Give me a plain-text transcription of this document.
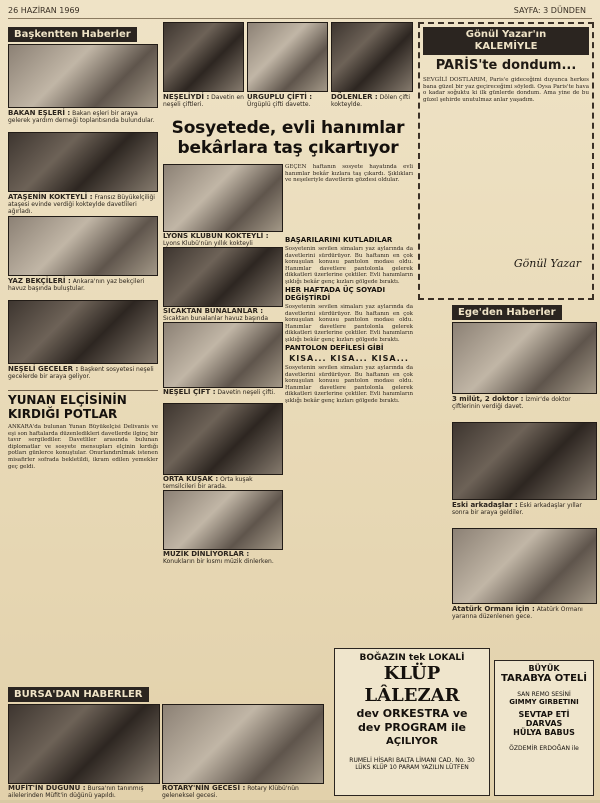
26 HAZİRAN 1969	SAYFA: 3 DÜNDEN
Başkentten Haberler
BAKAN EŞLERİ : Bakan eşleri bir araya gelerek yardım derneği toplantısında bulundular.
ATAŞENİN KOKTEYLİ : Fransız Büyükelçiliği ataşesi evinde verdiği kokteylde davetlileri ağırladı.
YAZ BEKÇİLERİ : Ankara'nın yaz bekçileri havuz başında buluştular.
NEŞELİ GECELER : Başkent sosyetesi neşeli gecelerde bir araya geliyor.
YUNAN ELÇİSİNİN KIRDIĞI POTLAR
ANKARA'da bulunan Yunan Büyükelçisi Delivanis ve eşi son haftalarda düzenledikleri davetlerde ilginç bir tavır sergilediler. Davetliler arasında bulunan diplomatlar ve sosyete mensupları elçinin kırdığı potları günlerce konuştular. Onurlandırılmak istenen misafirler sofrada bekletildi, ikram edilen yemekler geç geldi.
NEŞELİYDİ : Davetin en neşeli çiftleri.
URGUPLU ÇİFTİ : Ürgüplü çifti davette.
DÖLENLER : Dölen çifti kokteylde.
Sosyetede, evli hanımlar bekârlara taş çıkartıyor
LYONS KLUBÜN KOKTEYLİ : Lyons Klubü'nün yıllık kokteyli
SICAKTAN BUNALANLAR : Sıcaktan bunalanlar havuz başında
NEŞELİ ÇİFT : Davetin neşeli çifti.
ORTA KUŞAK : Orta kuşak temsilcileri bir arada.
MÜZİK DİNLİYORLAR : Konukların bir kısmı müzik dinlerken.
GEÇEN haftanın sosyete hayatında evli hanımlar bekâr kızlara taş çıkardı. Şıklıkları ve neşeleriyle davetlerin gözdesi oldular.
BAŞARILARINI KUTLADILAR
Sosyetenin sevilen simaları yaz aylarında da davetlerini sürdürüyor. Bu haftanın en çok konuşulan konusu pantolon modası oldu. Hanımlar davetlere pantolonla gelerek dikkatleri üzerlerine çektiler. Evli hanımların şıklığı bekâr genç kızları gölgede bıraktı.
HER HAFTADA ÜÇ SOYADI DEĞİŞTİRDİ
Sosyetenin sevilen simaları yaz aylarında da davetlerini sürdürüyor. Bu haftanın en çok konuşulan konusu pantolon modası oldu. Hanımlar davetlere pantolonla gelerek dikkatleri üzerlerine çektiler. Evli hanımların şıklığı bekâr genç kızları gölgede bıraktı.
PANTOLON DEFİLESİ GİBİ
KISA... KISA... KISA...
Sosyetenin sevilen simaları yaz aylarında da davetlerini sürdürüyor. Bu haftanın en çok konuşulan konusu pantolon modası oldu. Hanımlar davetlere pantolonla gelerek dikkatleri üzerlerine çektiler. Evli hanımların şıklığı bekâr genç kızları gölgede bıraktı.
Gönül Yazar'ın
KALEMİYLE
PARİS'te dondum...
SEVGİLİ DOSTLARIM, Paris'e gideceğimi duyunca herkes bana güzel bir yaz geçireceğimi söyledi. Oysa Paris'te hava o kadar soğuktu ki ilk günlerde dondum. Ama yine de bu güzel şehirde unutulmaz anlar yaşadım.
Gönül Yazar
Ege'den Haberler
3 milüt, 2 doktor : İzmir'de doktor çiftlerinin verdiği davet.
Eski arkadaşlar : Eski arkadaşlar yıllar sonra bir araya geldiler.
Atatürk Ormanı için : Atatürk Ormanı yararına düzenlenen gece.
BURSA'DAN HABERLER
MÜFİT'İN DÜĞÜNÜ : Bursa'nın tanınmış ailelerinden Müfit'in düğünü yapıldı.
ROTARY'NİN GECESİ : Rotary Klübü'nün geleneksel gecesi.
BOĞAZIN tek LOKALİ
KLÜP LÂLEZAR
dev ORKESTRA ve
dev PROGRAM ile
AÇILIYOR
RUMELİ HİSARI BALTA LİMANI CAD. No. 30
LÜKS KLÜP 10 PARAM YAZILIN LÜTFEN
BÜYÜK
TARABYA OTELİ
SAN REMO SESİNİ
GIMMY GIRBETINI
SEVTAP ETİ
DARVAS
HÜLYA BABUS
ÖZDEMİR ERDOĞAN ile
